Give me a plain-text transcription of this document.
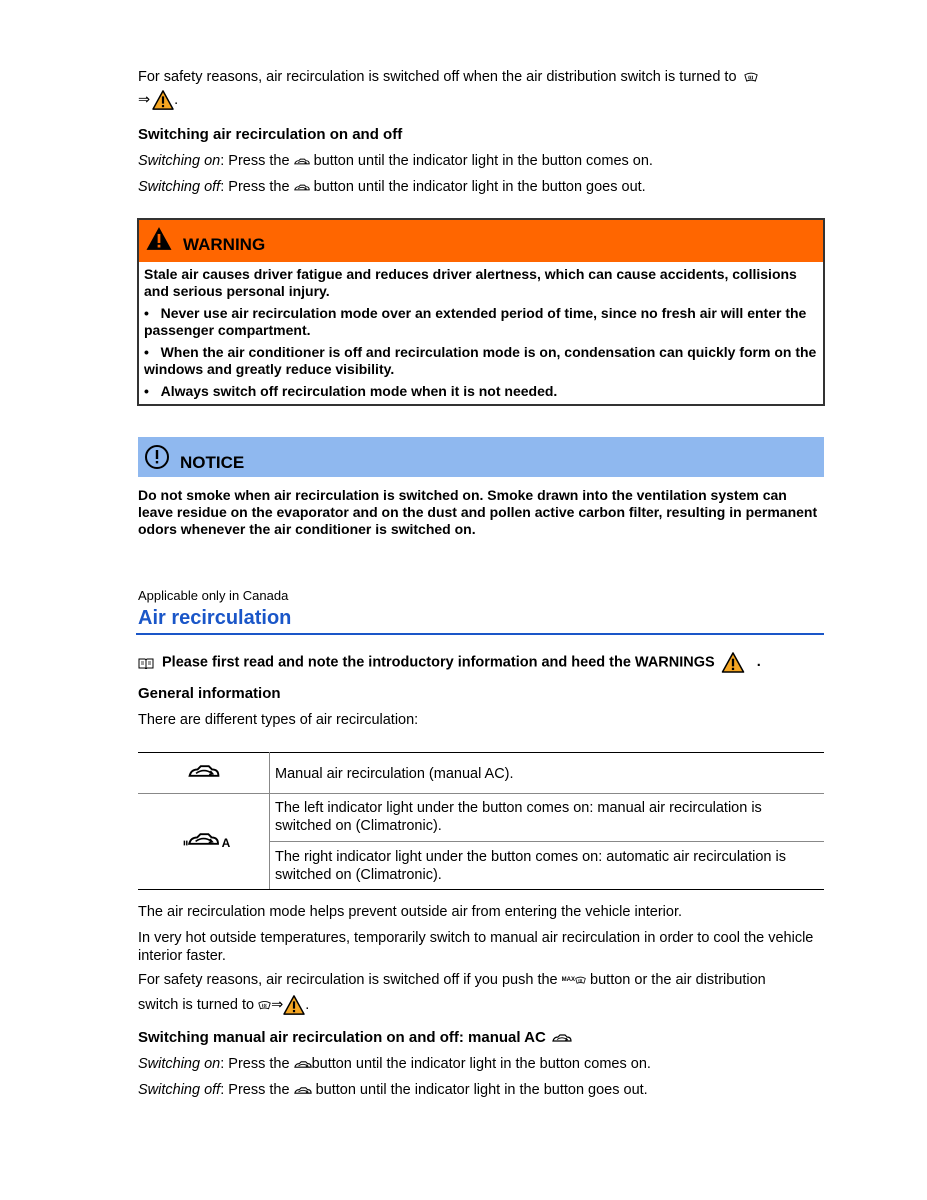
For safety reasons, air recirculation is switched off when the air distribution switch is turned to

⇒ .

Switching air recirculation on and off

Switching on: Press the button until the indicator light in the button comes on.

Switching off: Press the button until the indicator light in the button goes out.

WARNING

Stale air causes driver fatigue and reduces driver alertness, which can cause accidents, collisions and serious personal injury.

• Never use air recirculation mode over an extended period of time, since no fresh air will enter the passenger compartment.

• When the air conditioner is off and recirculation mode is on, condensation can quickly form on the windows and greatly reduce visibility.

• Always switch off recirculation mode when it is not needed.

NOTICE

Do not smoke when air recirculation is switched on. Smoke drawn into the ventilation system can leave residue on the evaporator and on the dust and pollen active carbon filter, resulting in permanent odors whenever the air conditioner is switched on.

Applicable only in Canada

Air recirculation

Please first read and note the introductory information and heed the WARNINGS	.

General information

There are different types of air recirculation:

	Manual air recirculation (manual AC).
A	The left indicator light under the button comes on: manual air recirculation is switched on (Climatronic).
	The right indicator light under the button comes on: automatic air recirculation is switched on (Climatronic).

The air recirculation mode helps prevent outside air from entering the vehicle interior.

In very hot outside temperatures, temporarily switch to manual air recirculation in order to cool the vehicle interior faster.

For safety reasons, air recirculation is switched off if you push the MAX button or the air distribution

switch is turned to ⇒ .

Switching manual air recirculation on and off: manual AC

Switching on: Press the button until the indicator light in the button comes on.

Switching off: Press the button until the indicator light in the button goes out.
